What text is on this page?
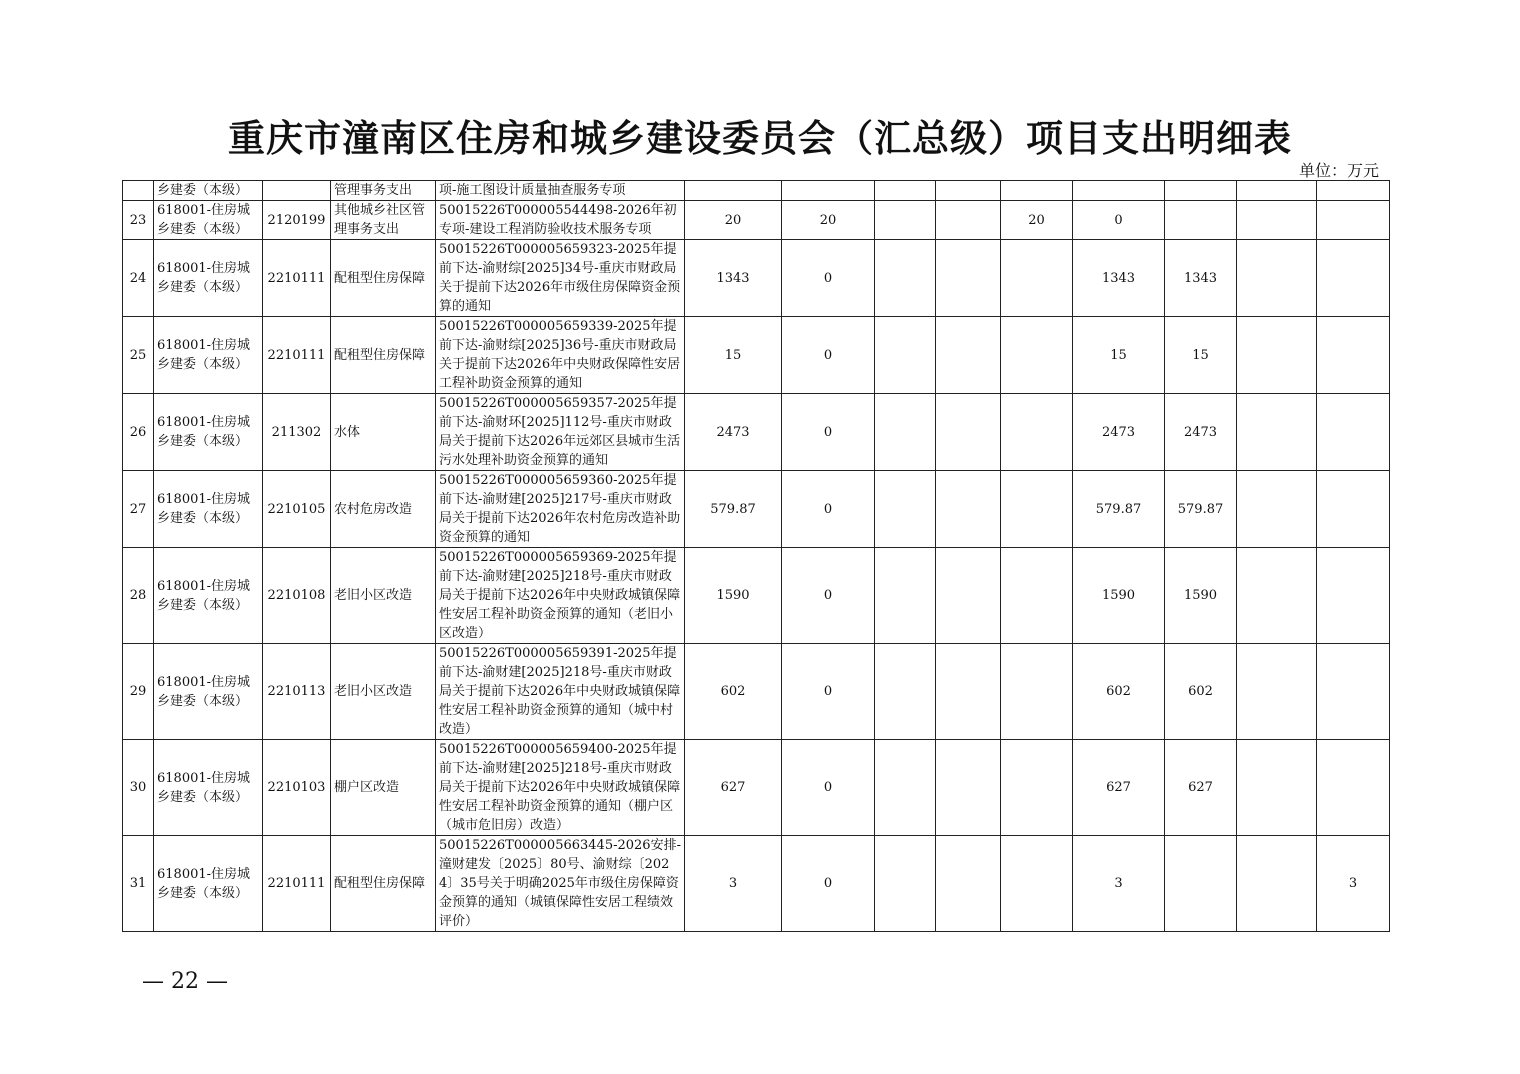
重庆市潼南区住房和城乡建设委员会（汇总级）项目支出明细表
单位：万元
	乡建委（本级）		管理事务支出	项-施工图设计质量抽查服务专项									
23	618001-住房城乡建委（本级）	2120199	其他城乡社区管理事务支出	50015226T000005544498-2026年初专项-建设工程消防验收技术服务专项	20	20			20	0			
24	618001-住房城乡建委（本级）	2210111	配租型住房保障	50015226T000005659323-2025年提前下达-渝财综[2025]34号-重庆市财政局关于提前下达2026年市级住房保障资金预算的通知	1343	0				1343	1343		
25	618001-住房城乡建委（本级）	2210111	配租型住房保障	50015226T000005659339-2025年提前下达-渝财综[2025]36号-重庆市财政局关于提前下达2026年中央财政保障性安居工程补助资金预算的通知	15	0				15	15		
26	618001-住房城乡建委（本级）	211302	水体	50015226T000005659357-2025年提前下达-渝财环[2025]112号-重庆市财政局关于提前下达2026年远郊区县城市生活污水处理补助资金预算的通知	2473	0				2473	2473		
27	618001-住房城乡建委（本级）	2210105	农村危房改造	50015226T000005659360-2025年提前下达-渝财建[2025]217号-重庆市财政局关于提前下达2026年农村危房改造补助资金预算的通知	579.87	0				579.87	579.87		
28	618001-住房城乡建委（本级）	2210108	老旧小区改造	50015226T000005659369-2025年提前下达-渝财建[2025]218号-重庆市财政局关于提前下达2026年中央财政城镇保障性安居工程补助资金预算的通知（老旧小区改造）	1590	0				1590	1590		
29	618001-住房城乡建委（本级）	2210113	老旧小区改造	50015226T000005659391-2025年提前下达-渝财建[2025]218号-重庆市财政局关于提前下达2026年中央财政城镇保障性安居工程补助资金预算的通知（城中村改造）	602	0				602	602		
30	618001-住房城乡建委（本级）	2210103	棚户区改造	50015226T000005659400-2025年提前下达-渝财建[2025]218号-重庆市财政局关于提前下达2026年中央财政城镇保障性安居工程补助资金预算的通知（棚户区（城市危旧房）改造）	627	0				627	627		
31	618001-住房城乡建委（本级）	2210111	配租型住房保障	50015226T000005663445-2026安排-潼财建发〔2025〕80号、渝财综〔2024〕35号关于明确2025年市级住房保障资金预算的通知（城镇保障性安居工程绩效评价）	3	0				3			3
— 22 —
